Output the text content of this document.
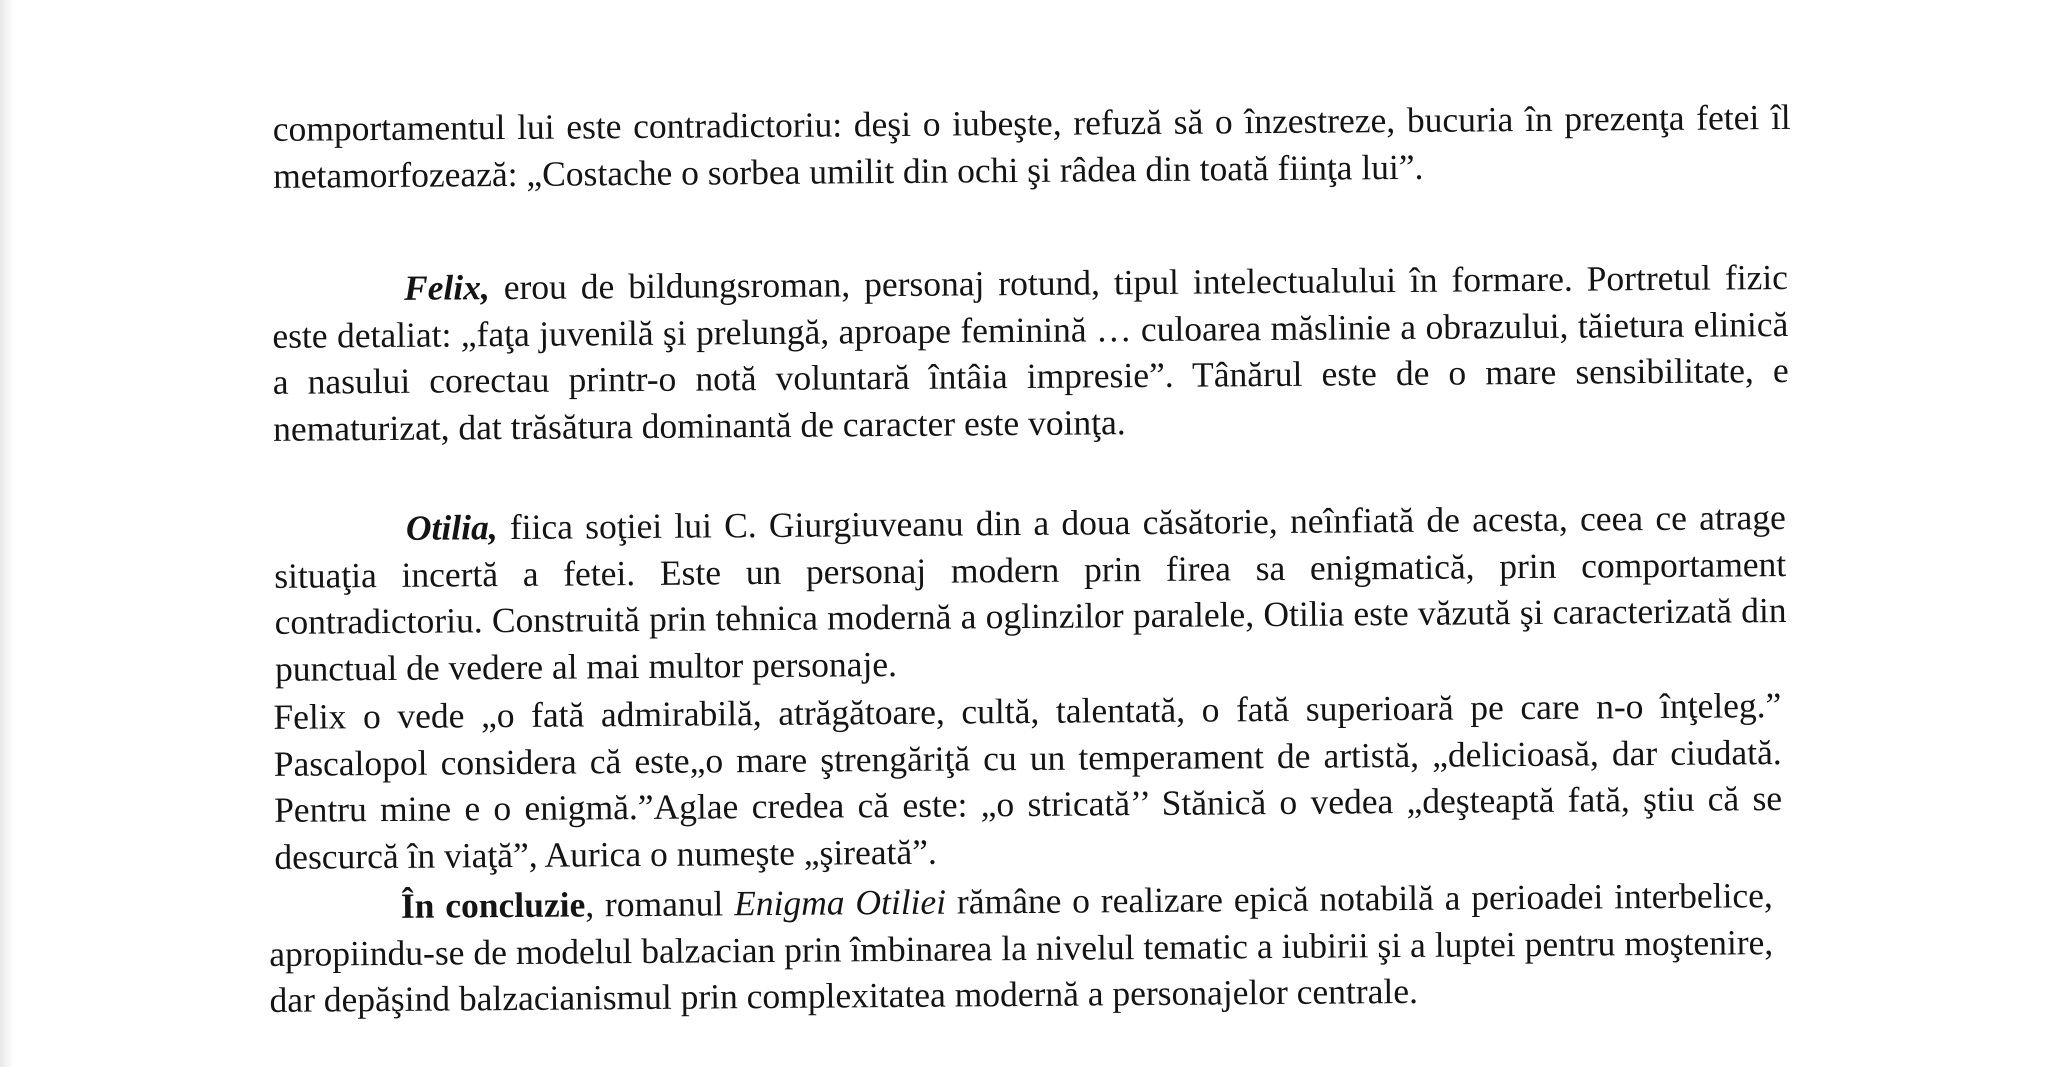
comportamentul lui este contradictoriu: deşi o iubeşte, refuză să o înzestreze, bucuria în prezenţa fetei îl metamorfozează: „Costache o sorbea umilit din ochi şi râdea din toată fiinţa lui”.

Felix, erou de bildungsroman, personaj rotund, tipul intelectualului în formare. Portretul fizic este detaliat: „faţa juvenilă şi prelungă, aproape feminină … culoarea măslinie a obrazului, tăietura elinică a nasului corectau printr-o notă voluntară întâia impresie”. Tânărul este de o mare sensibilitate, e nematurizat, dat trăsătura dominantă de caracter este voinţa.

Otilia, fiica soţiei lui C. Giurgiuveanu din a doua căsătorie, neînfiată de acesta, ceea ce atrage situaţia incertă a fetei. Este un personaj modern prin firea sa enigmatică, prin comportament contradictoriu. Construită prin tehnica modernă a oglinzilor paralele, Otilia este văzută şi caracterizată din punctual de vedere al mai multor personaje.

Felix o vede „o fată admirabilă, atrăgătoare, cultă, talentată, o fată superioară pe care n-o înţeleg.” Pascalopol considera că este„o mare ştrengăriţă cu un temperament de artistă, „delicioasă, dar ciudată. Pentru mine e o enigmă.”Aglae credea că este: „o stricată’’ Stănică o vedea „deşteaptă fată, ştiu că se descurcă în viaţă”, Aurica o numeşte „şireată”.

În concluzie, romanul Enigma Otiliei rămâne o realizare epică notabilă a perioadei interbelice, apropiindu-se de modelul balzacian prin îmbinarea la nivelul tematic a iubirii şi a luptei pentru moştenire, dar depăşind balzacianismul prin complexitatea modernă a personajelor centrale.
